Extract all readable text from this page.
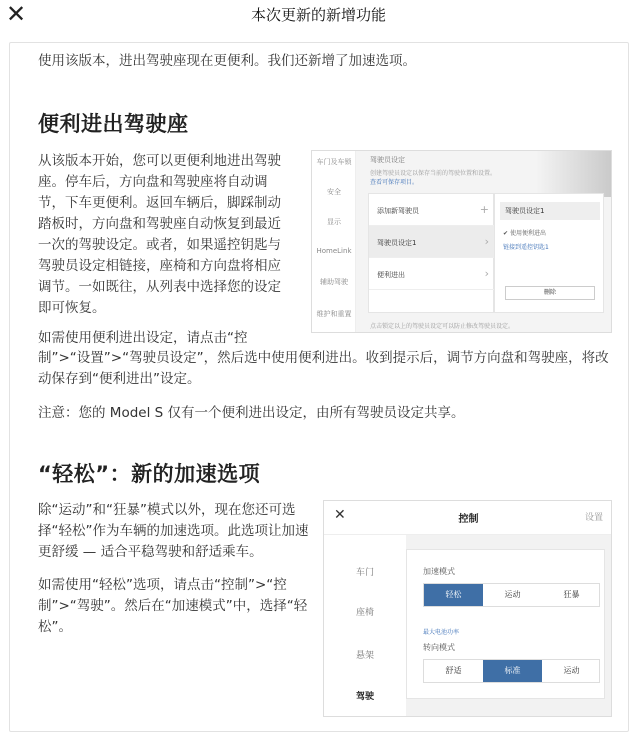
✕	本次更新的新增功能
使用该版本，进出驾驶座现在更便利。我们还新增了加速选项。
便利进出驾驶座
从该版本开始，您可以更便利地进出驾驶
座。停车后，方向盘和驾驶座将自动调
节，下车更便利。返回车辆后，脚踩制动
踏板时，方向盘和驾驶座自动恢复到最近
一次的驾驶设定。或者，如果遥控钥匙与
驾驶员设定相链接，座椅和方向盘将相应
调节。一如既往，从列表中选择您的设定
即可恢复。
车门及车锁
安全
显示
HomeLink
辅助驾驶
维护和重置
驾驶员设定
创建驾驶员设定以保存当前的驾驶位置和设置。
查看可保存项目。
添加新驾驶员	+
驾驶员设定1	›
便利进出	›
驾驶员设定1
✔ 使用便利进出
链接到遥控钥匙1
删除
点击锁定以上的驾驶员设定可以防止修改驾驶员设定。
如需使用便利进出设定，请点击“控
制”>“设置”>“驾驶员设定”，然后选中使用便利进出。收到提示后，调节方向盘和驾驶座，将改
动保存到“便利进出”设定。
注意：您的 Model S 仅有一个便利进出设定，由所有驾驶员设定共享。
“轻松”：新的加速选项
除“运动”和“狂暴”模式以外，现在您还可选
择“轻松”作为车辆的加速选项。此选项让加速
更舒缓 — 适合平稳驾驶和舒适乘车。
如需使用“轻松”选项，请点击“控制”>“控
制”>“驾驶”。然后在“加速模式”中，选择“轻
松”。
✕	控制	设置
车门
座椅
悬架
驾驶
加速模式
轻松	运动	狂暴
最大电池功率
转向模式
舒适	标准	运动
